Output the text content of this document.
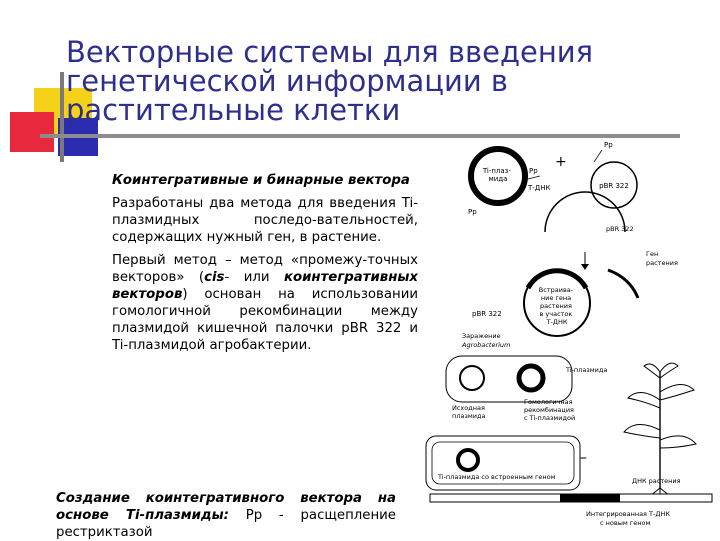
Векторные системы для введения генетической информации в растительные клетки

Коинтегративные и бинарные вектора

Разработаны два метода для введения Ti-плазмидных последо-вательностей, содержащих нужный ген, в растение.

Первый метод – метод «промежу-точных векторов» (cis- или коинтегративных векторов) основан на использовании гомологичной рекомбинации между плазмидой кишечной палочки pBR 322 и Ti-плазмидой агробактерии.

Создание коинтегративного вектора на основе Ti-плазмиды: Рр - расщепление рестриктазой
Ti-плаз- мида
Рр
Т-ДНК
Рр
+
pBR 322
Рр
pBR 322
Ген растения
Встраива- ние гена растения в участок Т-ДНК
pBR 322
Заражение Agrobacterium
Ti-плазмида
Исходная плазмида
Гомологичная рекомбинация с Ti-плазмидой
Ti-плазмида со встроенным геном
–
ДНК растения
Интегрированная Т-ДНК с новым геном
